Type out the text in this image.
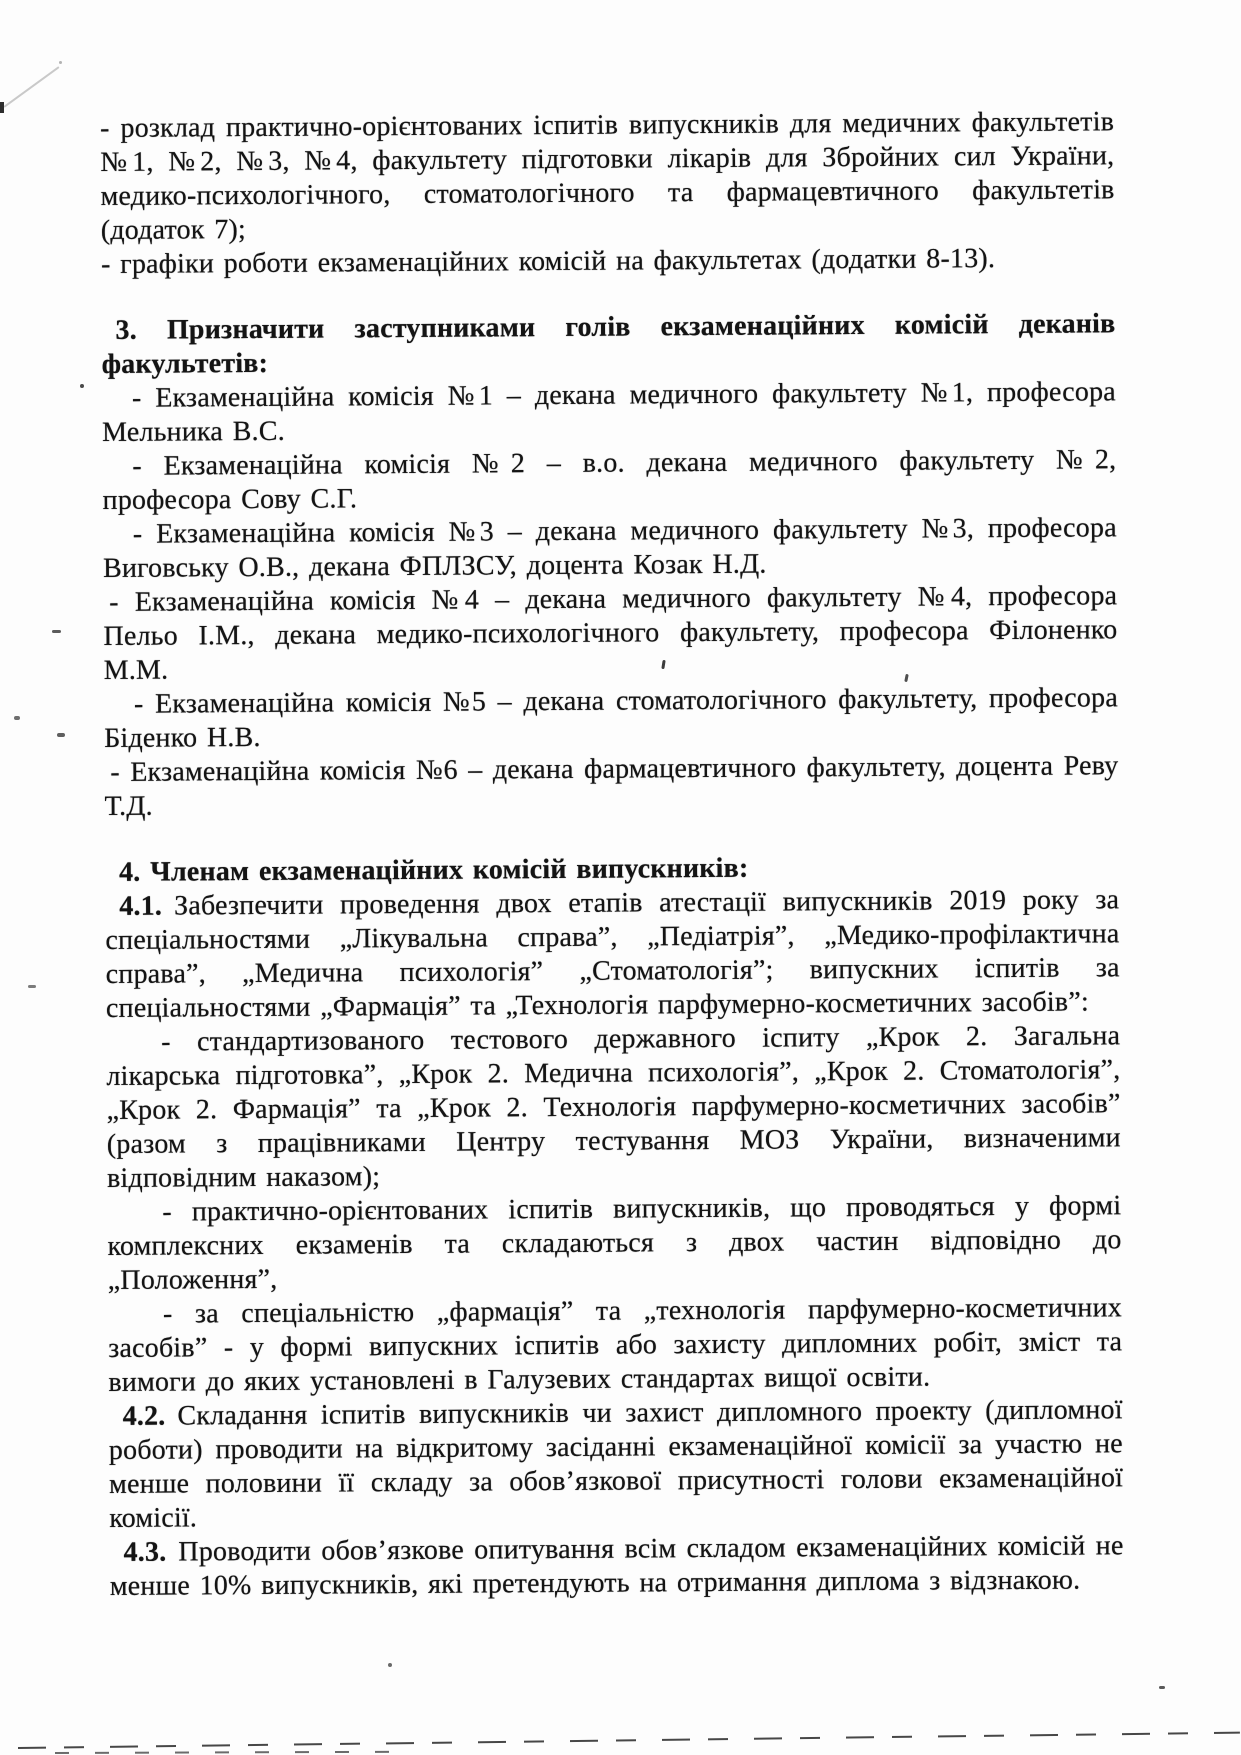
- розклад практично-орієнтованих іспитів випускників для медичних факультетів №1, №2, №3, №4, факультету підготовки лікарів для Збройних сил України, медико-психологічного, стоматологічного та фармацевтичного факультетів (додаток 7);

- графіки роботи екзаменаційних комісій на факультетах (додатки 8-13).

3. Призначити заступниками голів екзаменаційних комісій деканів факультетів:

- Екзаменаційна комісія №1 – декана медичного факультету №1, професора Мельника В.С.

- Екзаменаційна комісія №2 – в.о. декана медичного факультету №2, професора Сову С.Г.

- Екзаменаційна комісія №3 – декана медичного факультету №3, професора Виговську О.В., декана ФПЛЗСУ, доцента Козак Н.Д.

- Екзаменаційна комісія №4 – декана медичного факультету №4, професора Пельо І.М., декана медико-психологічного факультету, професора Філоненко М.М.

- Екзаменаційна комісія №5 – декана стоматологічного факультету, професора Біденко Н.В.

- Екзаменаційна комісія №6 – декана фармацевтичного факультету, доцента Реву Т.Д.

4. Членам екзаменаційних комісій випускників:

4.1. Забезпечити проведення двох етапів атестації випускників 2019 року за спеціальностями „Лікувальна справа”, „Педіатрія”, „Медико-профілактична справа”, „Медична психологія” „Стоматологія”; випускних іспитів за спеціальностями „Фармація” та „Технологія парфумерно-косметичних засобів”:

- стандартизованого тестового державного іспиту „Крок 2. Загальна лікарська підготовка”, „Крок 2. Медична психологія”, „Крок 2. Стоматологія”, „Крок 2. Фармація” та „Крок 2. Технологія парфумерно-косметичних засобів” (разом з працівниками Центру тестування МОЗ України, визначеними відповідним наказом);

- практично-орієнтованих іспитів випускників, що проводяться у формі комплексних екзаменів та складаються з двох частин відповідно до „Положення”,

- за спеціальністю „фармація” та „технологія парфумерно-косметичних засобів” - у формі випускних іспитів або захисту дипломних робіт, зміст та вимоги до яких установлені в Галузевих стандартах вищої освіти.

4.2. Складання іспитів випускників чи захист дипломного проекту (дипломної роботи) проводити на відкритому засіданні екзаменаційної комісії за участю не менше половини її складу за обов’язкової присутності голови екзаменаційної комісії.

4.3. Проводити обов’язкове опитування всім складом екзаменаційних комісій не менше 10% випускників, які претендують на отримання диплома з відзнакою.
